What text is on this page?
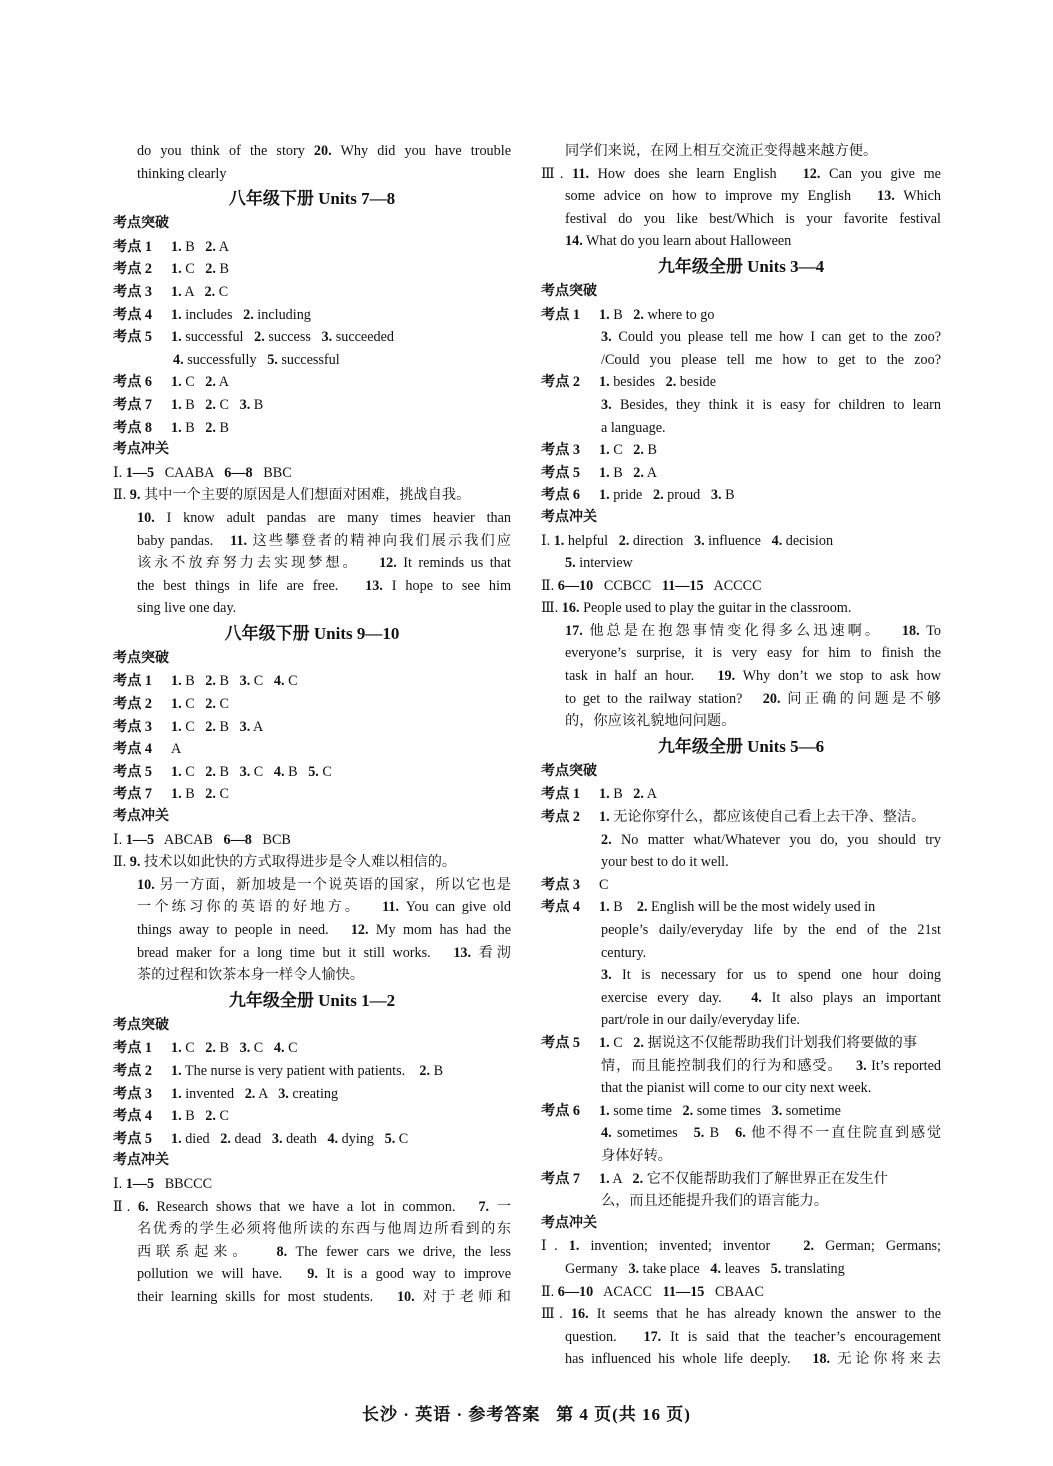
do you think of the story 20. Why did you have trouble
thinking clearly
八年级下册 Units 7—8
考点突破
考点 1 1. B   2. A
考点 2 1. C   2. B
考点 3 1. A   2. C
考点 4 1. includes   2. including
考点 5 1. successful   2. success   3. succeeded
4. successfully   5. successful
考点 6 1. C   2. A
考点 7 1. B   2. C   3. B
考点 8 1. B   2. B
考点冲关
Ⅰ. 1—5   CAABA   6—8   BBC
Ⅱ. 9. 其中一个主要的原因是人们想面对困难，挑战自我。
10. I know adult pandas are many times heavier than
baby pandas.   11. 这些攀登者的精神向我们展示我们应
该永不放弃努力去实现梦想。   12. It reminds us that
the best things in life are free.   13. I hope to see him
sing live one day.
八年级下册 Units 9—10
考点突破
考点 1 1. B   2. B   3. C   4. C
考点 2 1. C   2. C
考点 3 1. C   2. B   3. A
考点 4 A
考点 5 1. C   2. B   3. C   4. B   5. C
考点 7 1. B   2. C
考点冲关
Ⅰ. 1—5   ABCAB   6—8   BCB
Ⅱ. 9. 技术以如此快的方式取得进步是令人难以相信的。
10. 另一方面，新加坡是一个说英语的国家，所以它也是
一个练习你的英语的好地方。   11. You can give old
things away to people in need.   12. My mom has had the
bread maker for a long time but it still works.   13. 看沏
茶的过程和饮茶本身一样令人愉快。
九年级全册 Units 1—2
考点突破
考点 1 1. C   2. B   3. C   4. C
考点 2 1. The nurse is very patient with patients.    2. B
考点 3 1. invented   2. A   3. creating
考点 4 1. B   2. C
考点 5 1. died   2. dead   3. death   4. dying   5. C
考点冲关
Ⅰ. 1—5   BBCCC
Ⅱ. 6. Research shows that we have a lot in common.   7. 一
名优秀的学生必须将他所读的东西与他周边所看到的东
西联系起来。   8. The fewer cars we drive, the less
pollution we will have.   9. It is a good way to improve
their learning skills for most students.   10. 对于老师和
同学们来说，在网上相互交流正变得越来越方便。
Ⅲ. 11. How does she learn English   12. Can you give me
some advice on how to improve my English   13. Which
festival do you like best/Which is your favorite festival
14. What do you learn about Halloween
九年级全册 Units 3—4
考点突破
考点 1 1. B   2. where to go
3. Could you please tell me how I can get to the zoo?
/Could you please tell me how to get to the zoo?
考点 2 1. besides   2. beside
3. Besides, they think it is easy for children to learn
a language.
考点 3 1. C   2. B
考点 5 1. B   2. A
考点 6 1. pride   2. proud   3. B
考点冲关
Ⅰ. 1. helpful   2. direction   3. influence   4. decision
5. interview
Ⅱ. 6—10   CCBCC   11—15   ACCCC
Ⅲ. 16. People used to play the guitar in the classroom.
17. 他总是在抱怨事情变化得多么迅速啊。   18. To
everyone’s surprise, it is very easy for him to finish the
task in half an hour.   19. Why don’t we stop to ask how
to get to the railway station?   20. 问正确的问题是不够
的，你应该礼貌地问问题。
九年级全册 Units 5—6
考点突破
考点 1 1. B   2. A
考点 2 1. 无论你穿什么，都应该使自己看上去干净、整洁。
2. No matter what/Whatever you do, you should try
your best to do it well.
考点 3 C
考点 4 1. B    2. English will be the most widely used in
people’s daily/everyday life by the end of the 21st
century.
3. It is necessary for us to spend one hour doing
exercise every day.   4. It also plays an important
part/role in our daily/everyday life.
考点 5 1. C   2. 据说这不仅能帮助我们计划我们将要做的事
情，而且能控制我们的行为和感受。   3. It’s reported
that the pianist will come to our city next week.
考点 6 1. some time   2. some times   3. sometime
4. sometimes   5. B   6. 他不得不一直住院直到感觉
身体好转。
考点 7 1. A   2. 它不仅能帮助我们了解世界正在发生什
么，而且还能提升我们的语言能力。
考点冲关
Ⅰ. 1. invention; invented; inventor   2. German; Germans;
Germany   3. take place   4. leaves   5. translating
Ⅱ. 6—10   ACACC   11—15   CBAAC
Ⅲ. 16. It seems that he has already known the answer to the
question.   17. It is said that the teacher’s encouragement
has influenced his whole life deeply.   18. 无论你将来去
长沙 · 英语 · 参考答案   第 4 页(共 16 页)
